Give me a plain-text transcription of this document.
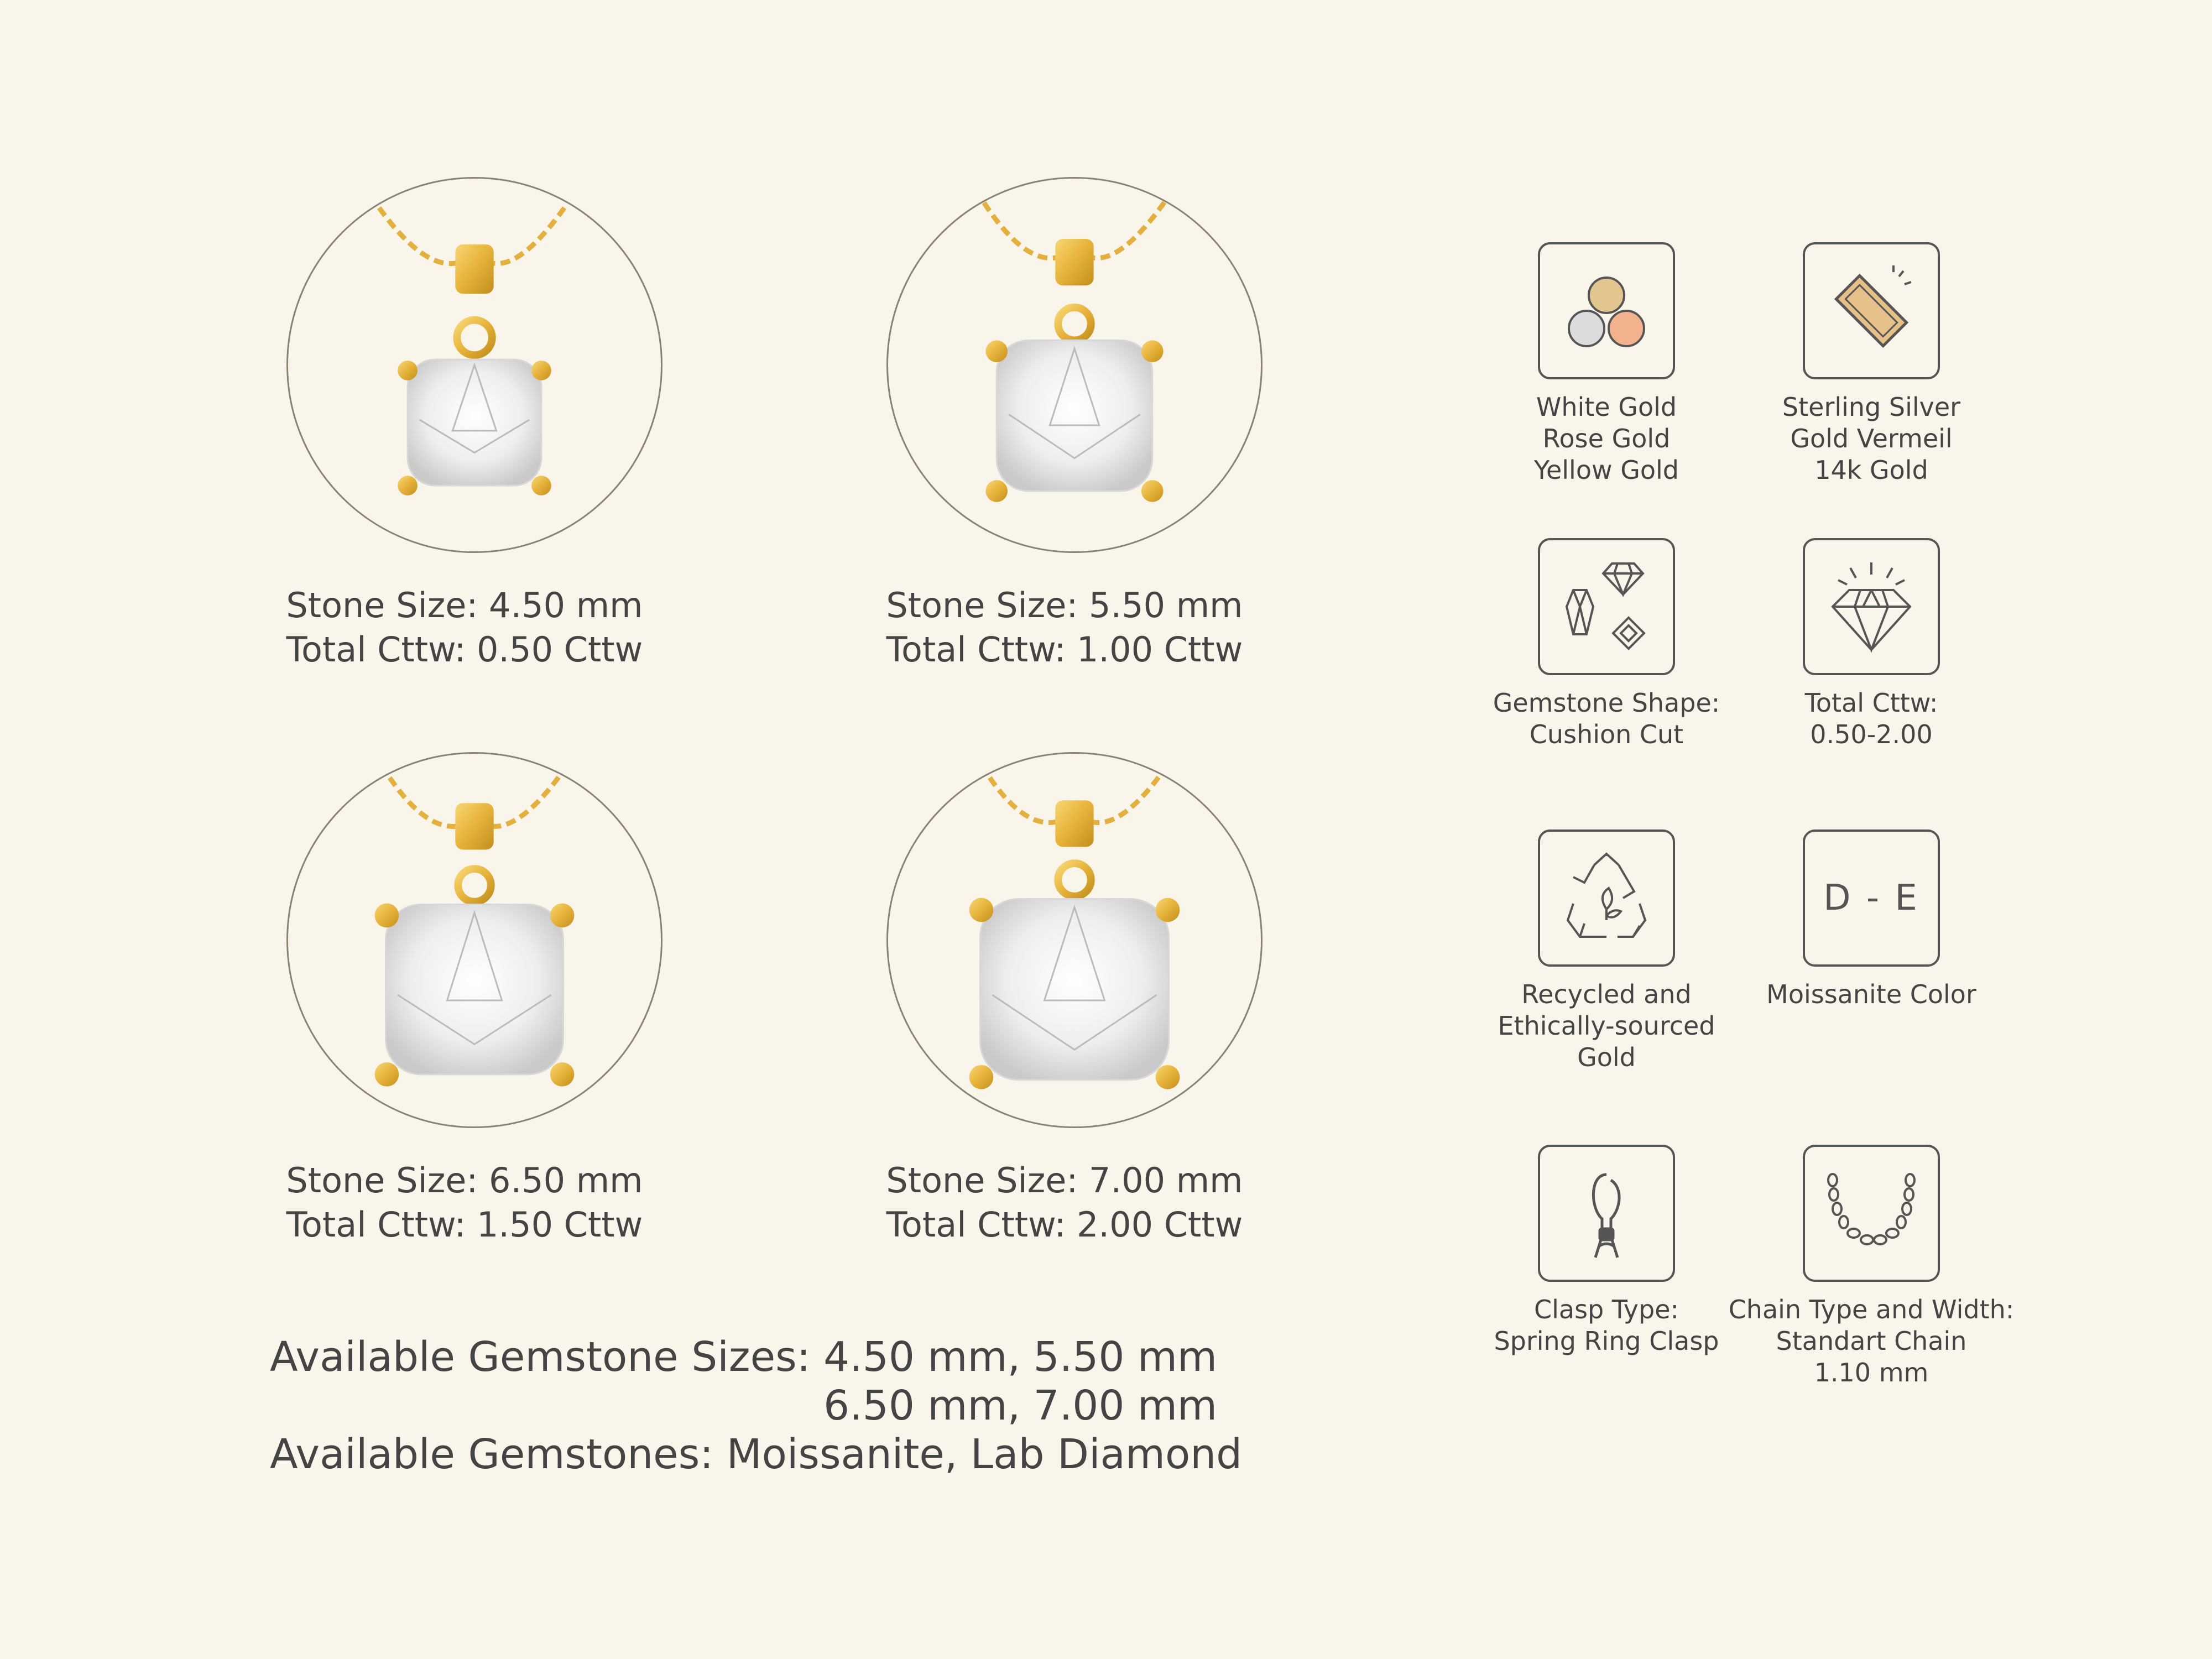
Stone Size: 4.50 mm
Total Cttw: 0.50 Cttw
Stone Size: 5.50 mm
Total Cttw: 1.00 Cttw
Stone Size: 6.50 mm
Total Cttw: 1.50 Cttw
Stone Size: 7.00 mm
Total Cttw: 2.00 Cttw
Available Gemstone Sizes:
4.50 mm, 5.50 mm

6.50 mm, 7.00 mm
Available Gemstones:
Moissanite, Lab Diamond
White Gold
Rose Gold
Yellow Gold
Sterling Silver
Gold Vermeil
14k Gold
Gemstone Shape:
Cushion Cut
Total Cttw:
0.50-2.00
Recycled and
Ethically-sourced
Gold
D - E
Moissanite Color
Clasp Type:
Spring Ring Clasp
Chain Type and Width:
Standart Chain
1.10 mm
